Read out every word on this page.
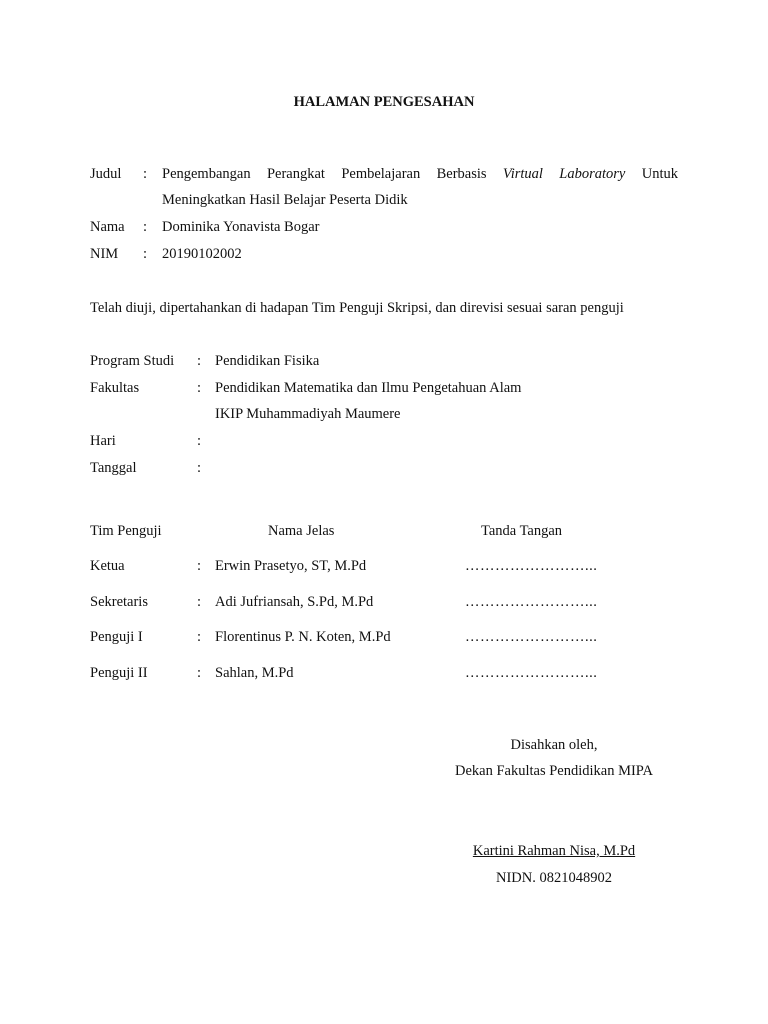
HALAMAN PENGESAHAN
Judul : Pengembangan Perangkat Pembelajaran Berbasis Virtual Laboratory Untuk
Meningkatkan Hasil Belajar Peserta Didik
Nama : Dominika Yonavista Bogar
NIM : 20190102002
Telah diuji, dipertahankan di hadapan Tim Penguji Skripsi, dan direvisi sesuai saran penguji
Program Studi : Pendidikan Fisika
Fakultas	: Pendidikan Matematika dan Ilmu Pengetahuan Alam
IKIP Muhammadiyah Maumere
Hari	:
Tanggal	:
Tim Penguji	Nama Jelas	Tanda Tangan
Ketua	: Erwin Prasetyo, ST, M.Pd	……………………...
Sekretaris	: Adi Jufriansah, S.Pd, M.Pd	……………………...
Penguji I	: Florentinus P. N. Koten, M.Pd	……………………...
Penguji II	: Sahlan, M.Pd	……………………...
Disahkan oleh,
Dekan Fakultas Pendidikan MIPA
Kartini Rahman Nisa, M.Pd
NIDN. 0821048902
